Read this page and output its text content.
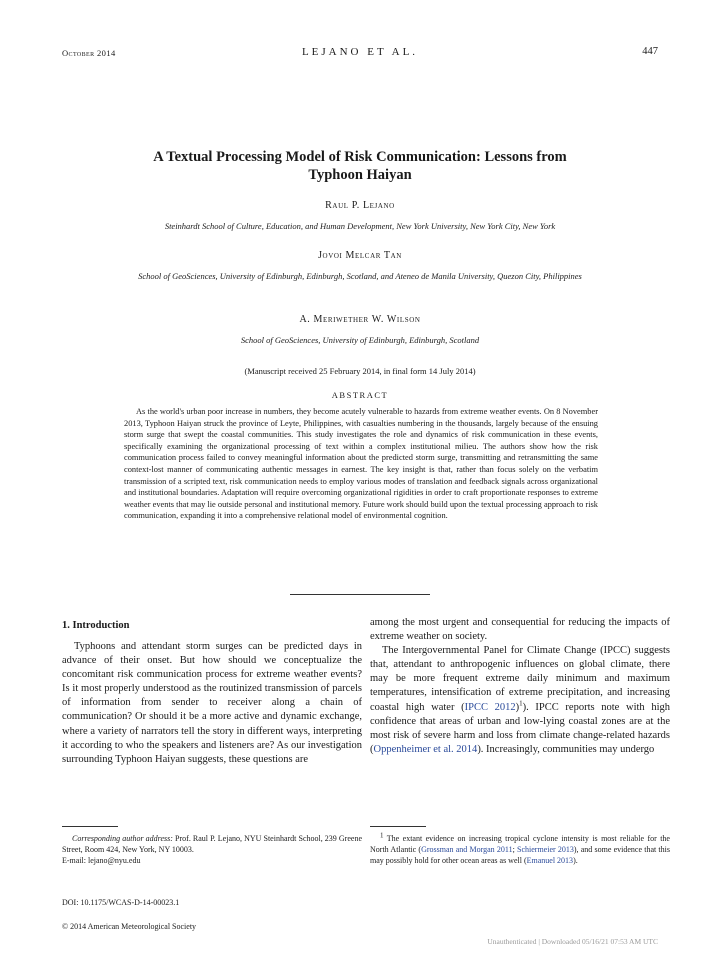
October 2014	LEJANO ET AL.	447
A Textual Processing Model of Risk Communication: Lessons from
Typhoon Haiyan
Raul P. Lejano
Steinhardt School of Culture, Education, and Human Development, New York University, New York City, New York
Jovoi Melcar Tan
School of GeoSciences, University of Edinburgh, Edinburgh, Scotland, and Ateneo de Manila University, Quezon City, Philippines
A. Meriwether W. Wilson
School of GeoSciences, University of Edinburgh, Edinburgh, Scotland
(Manuscript received 25 February 2014, in final form 14 July 2014)
ABSTRACT
As the world's urban poor increase in numbers, they become acutely vulnerable to hazards from extreme weather events. On 8 November 2013, Typhoon Haiyan struck the province of Leyte, Philippines, with casualties numbering in the thousands, largely because of the ensuing storm surge that swept the coastal communities. This study investigates the role and dynamics of risk communication in these events, specifically examining the organizational processing of text within a complex institutional milieu. The authors show how the risk communication process failed to convey meaningful information about the predicted storm surge, transmitting and retransmitting the same context-lost manner of communicating authentic messages in earnest. The key insight is that, rather than focus solely on the verbatim transmission of a scripted text, risk communication needs to employ various modes of translation and feedback signals across organizational and institutional boundaries. Adaptation will require overcoming organizational rigidities in order to craft proportionate responses to extreme weather events that may lie outside personal and institutional memory. Future work should build upon the textual processing approach to risk communication, expanding it into a comprehensive relational model of environmental cognition.
1. Introduction
Typhoons and attendant storm surges can be predicted days in advance of their onset. But how should we conceptualize the concomitant risk communication process for extreme weather events? Is it most properly understood as the routinized transmission of parcels of information from sender to receiver along a chain of communication? Or should it be a more active and dynamic exchange, where a variety of narrators tell the story in different ways, interpreting it according to who the speakers and listeners are? As our investigation surrounding Typhoon Haiyan suggests, these questions are

among the most urgent and consequential for reducing the impacts of extreme weather on society.

The Intergovernmental Panel for Climate Change (IPCC) suggests that, attendant to anthropogenic influences on global climate, there may be more frequent extreme daily minimum and maximum temperatures, intensification of extreme precipitation, and increasing coastal high water (IPCC 2012)$^1$). IPCC reports note with high confidence that areas of urban and low-lying coastal zones are at the most risk of severe harm and loss from climate change-related hazards (Oppenheimer et al. 2014). Increasingly, communities may undergo

Corresponding author address: Prof. Raul P. Lejano, NYU Steinhardt School, 239 Greene Street, Room 424, New York, NY 10003.
E-mail: lejano@nyu.edu
$^1$ The extant evidence on increasing tropical cyclone intensity is most reliable for the North Atlantic (Grossman and Morgan 2011; Schiermeier 2013), and some evidence that this may possibly hold for other ocean areas as well (Emanuel 2013).
DOI: 10.1175/WCAS-D-14-00023.1
© 2014 American Meteorological Society
Unauthenticated | Downloaded 05/16/21 07:53 AM UTC
